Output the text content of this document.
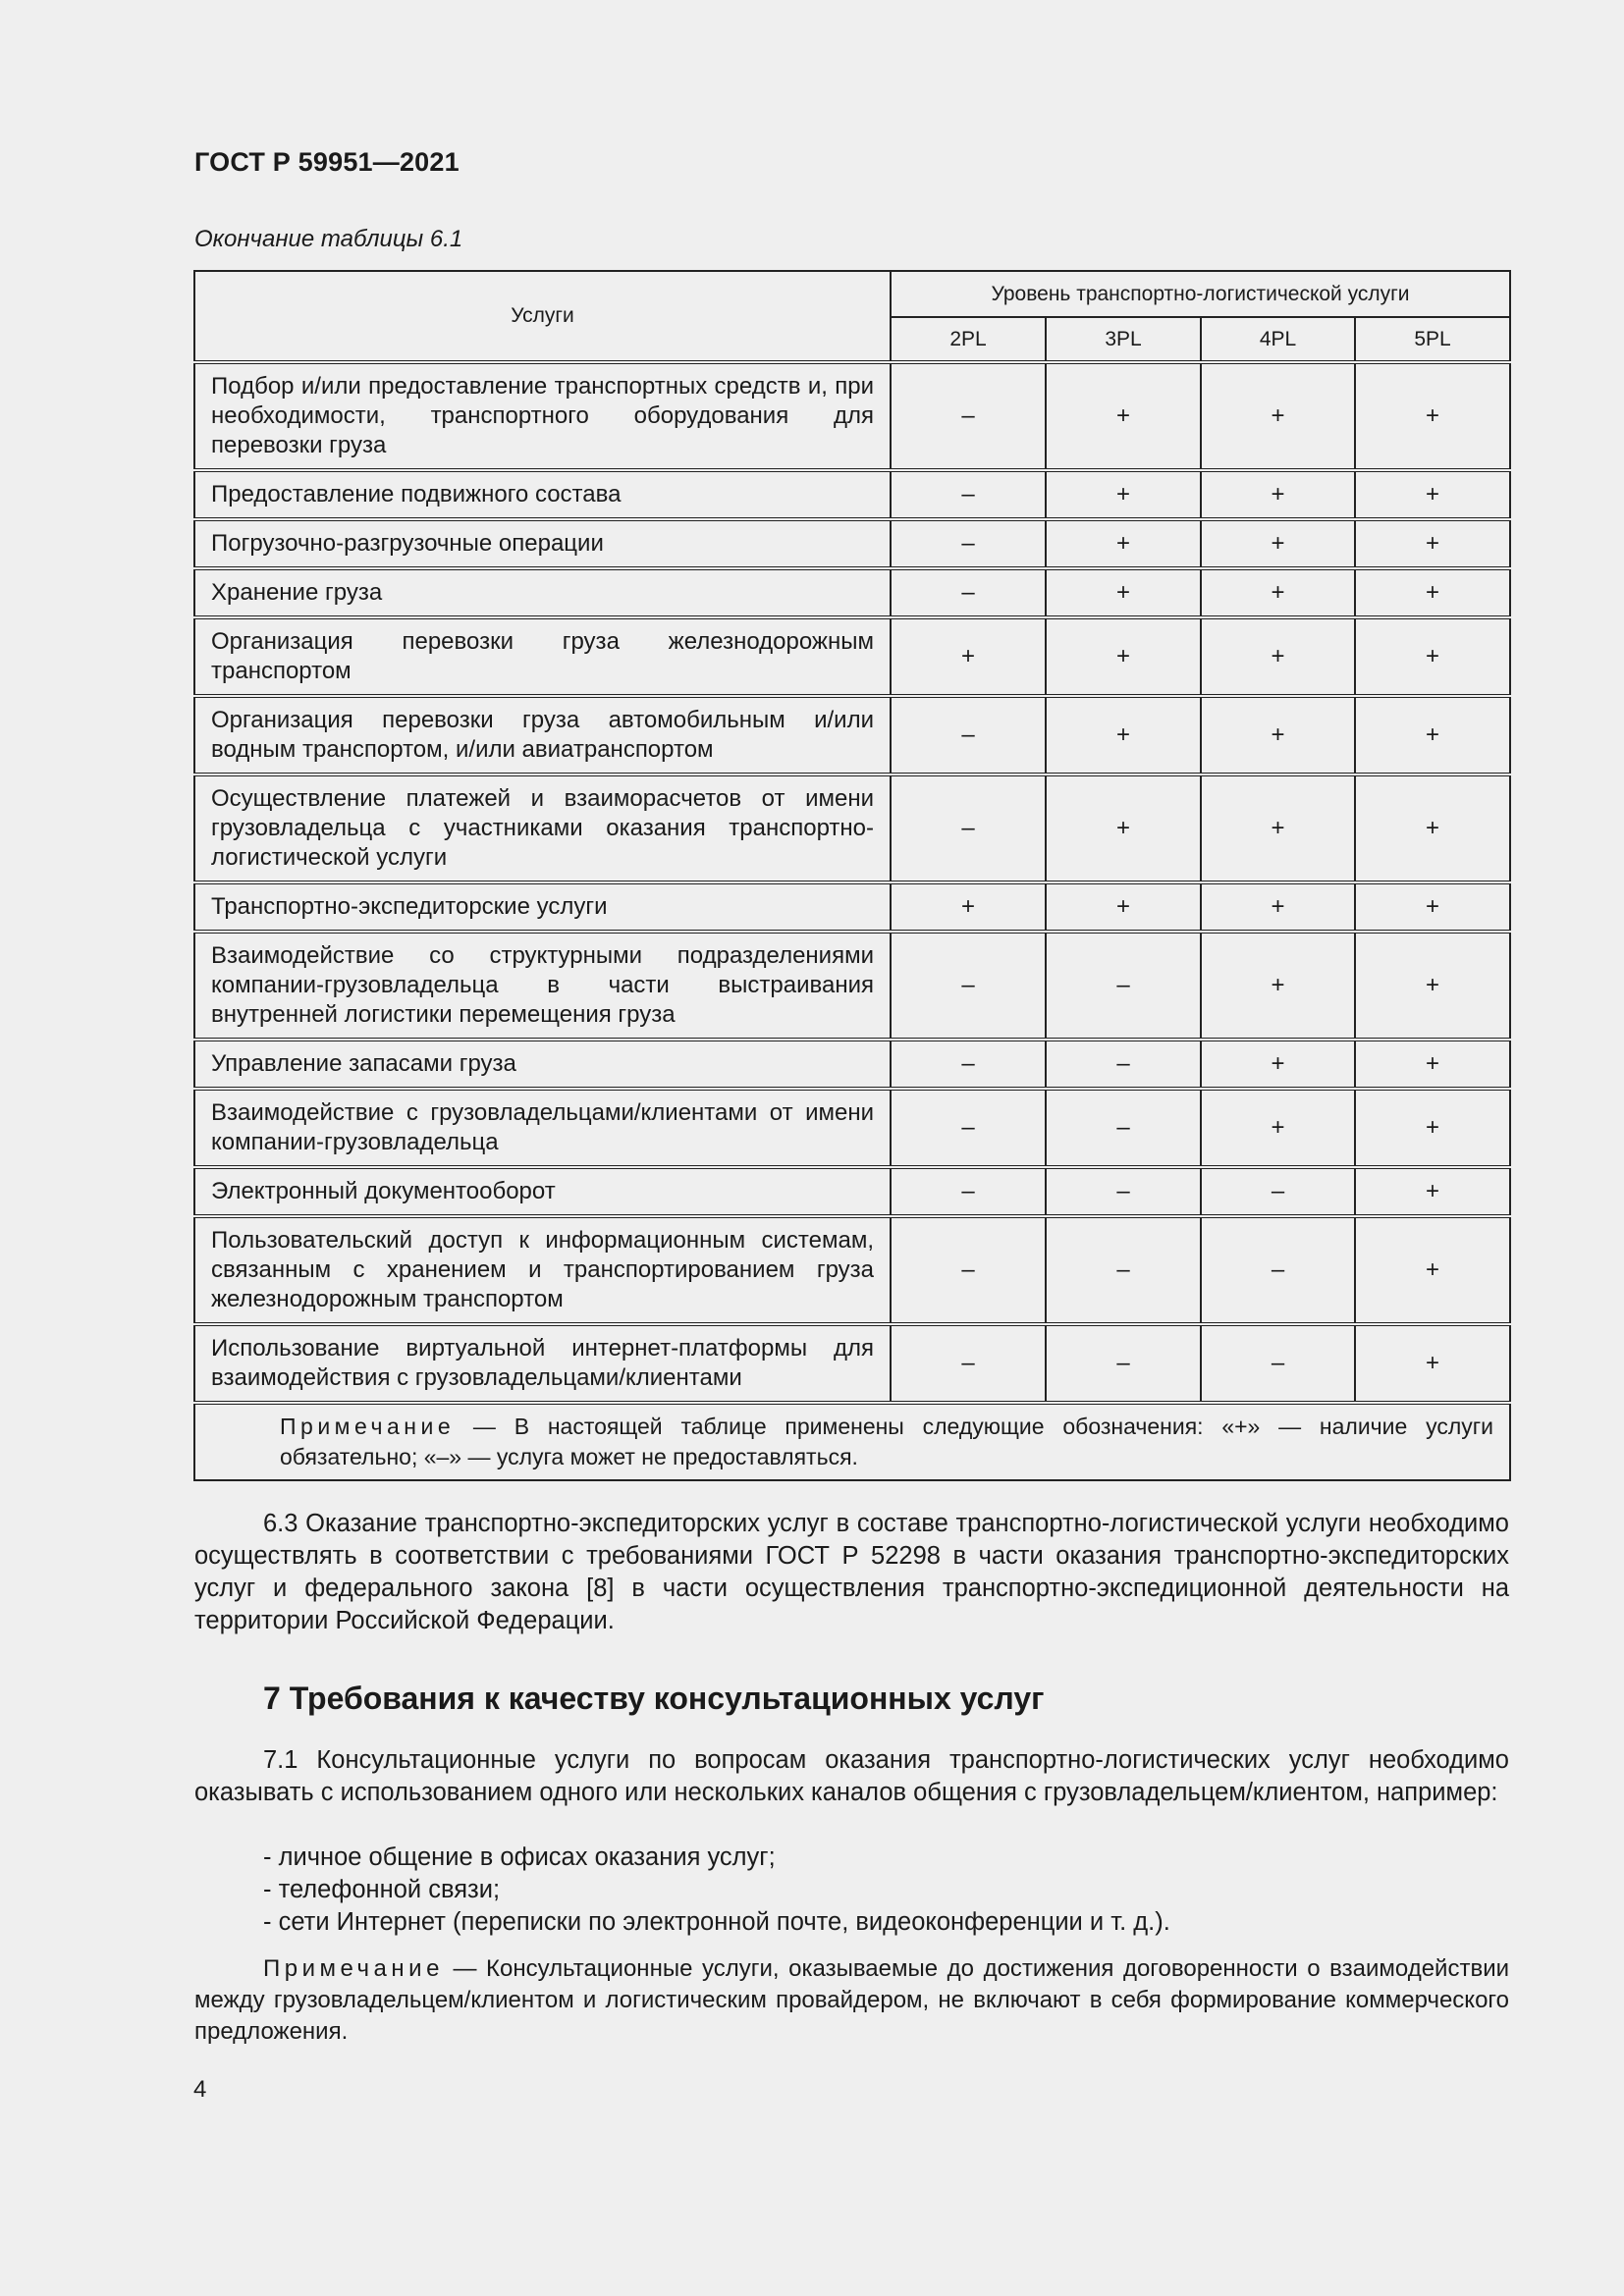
ГОСТ Р 59951—2021
Окончание таблицы 6.1
Услуги	Уровень транспортно-логистической услуги			
	2PL	3PL	4PL	5PL
Подбор и/или предоставление транспортных средств и, при необходимости, транспортного оборудования для перевозки груза	–	+	+	+
Предоставление подвижного состава	–	+	+	+
Погрузочно-разгрузочные операции	–	+	+	+
Хранение груза	–	+	+	+
Организация перевозки груза железнодорожным транспортом	+	+	+	+
Организация перевозки груза автомобильным и/или водным транспортом, и/или авиатранспортом	–	+	+	+
Осуществление платежей и взаиморасчетов от имени грузовладельца с участниками оказания транспортно-логистической услуги	–	+	+	+
Транспортно-экспедиторские услуги	+	+	+	+
Взаимодействие со структурными подразделениями компании-грузовладельца в части выстраивания внутренней логистики перемещения груза	–	–	+	+
Управление запасами груза	–	–	+	+
Взаимодействие с грузовладельцами/клиентами от имени компании-грузовладельца	–	–	+	+
Электронный документооборот	–	–	–	+
Пользовательский доступ к информационным системам, связанным с хранением и транспортированием груза железнодорожным транспортом	–	–	–	+
Использование виртуальной интернет-платформы для взаимодействия с грузовладельцами/клиентами	–	–	–	+

Примечание — В настоящей таблице применены следующие обозначения: «+» — наличие услуги обязательно; «–» — услуга может не предоставляться.				
6.3 Оказание транспортно-экспедиторских услуг в составе транспортно-логистической услуги необходимо осуществлять в соответствии с требованиями ГОСТ Р 52298 в части оказания транспортно-экспедиторских услуг и федерального закона [8] в части осуществления транспортно-экспедиционной деятельности на территории Российской Федерации.
7 Требования к качеству консультационных услуг
7.1 Консультационные услуги по вопросам оказания транспортно-логистических услуг необходимо оказывать с использованием одного или нескольких каналов общения с грузовладельцем/клиентом, например:
- личное общение в офисах оказания услуг;
- телефонной связи;
- сети Интернет (переписки по электронной почте, видеоконференции и т. д.).
Примечание — Консультационные услуги, оказываемые до достижения договоренности о взаимодействии между грузовладельцем/клиентом и логистическим провайдером, не включают в себя формирование коммерческого предложения.
4
